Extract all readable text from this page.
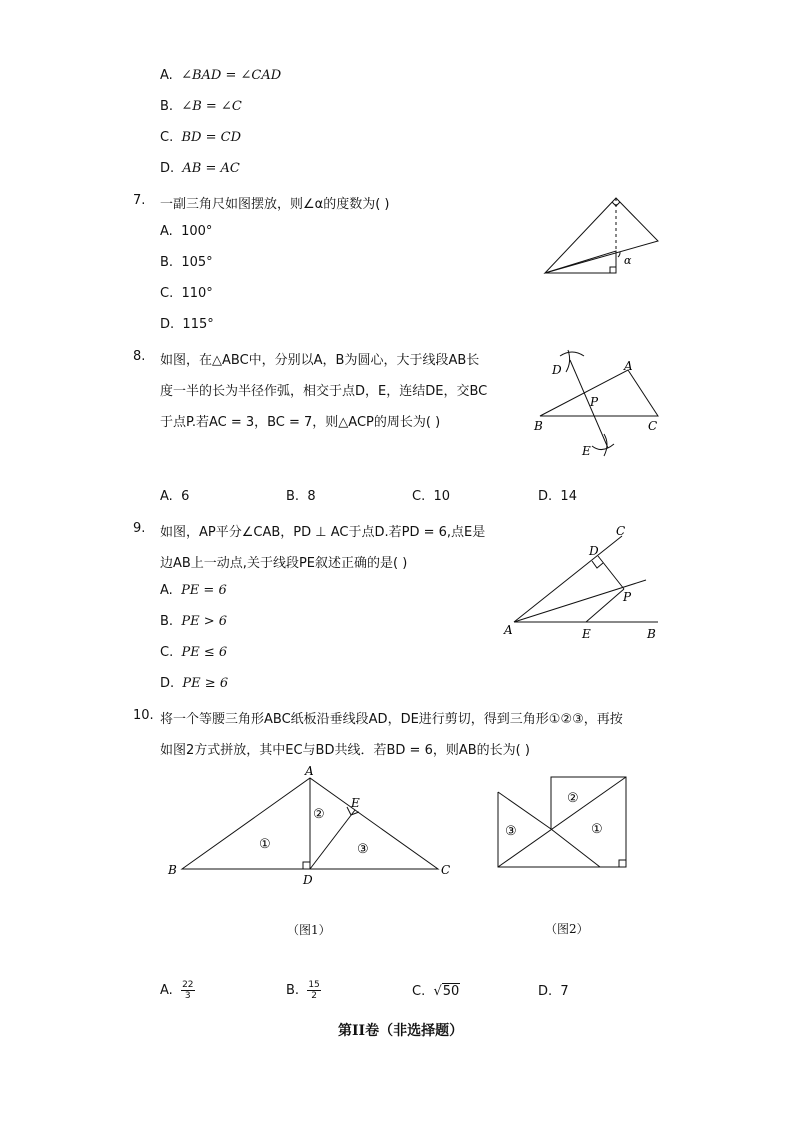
A. ∠BAD = ∠CAD
B. ∠B = ∠C
C. BD = CD
D. AB = AC
7. 一副三角尺如图摆放，则∠α的度数为( )
A. 100°
B. 105°
C. 110°
D. 115°
α
8. 如图，在△ABC中，分别以A，B为圆心，大于线段AB长
度一半的长为半径作弧，相交于点D，E，连结DE，交BC
于点P.若AC = 3，BC = 7，则△ACP的周长为( )
D	A
P
B	C
E
A. 6	B. 8	C. 10	D. 14
9. 如图，AP平分∠CAB，PD ⊥ AC于点D.若PD = 6,点E是
边AB上一动点,关于线段PE叙述正确的是( )
A. PE = 6
B. PE > 6
C. PE ≤ 6
D. PE ≥ 6
C
D
P
A	E	B
10. 将一个等腰三角形ABC纸板沿垂线段AD，DE进行剪切，得到三角形①②③，再按
如图2方式拼放，其中EC与BD共线．若BD = 6，则AB的长为( )
A
E
B
D
C
①
②
③
③
②
①
（图1）	（图2）
A. $\frac{22}{3}$	B. $\frac{15}{2}$	C. √50	D. 7
第II卷（非选择题）
